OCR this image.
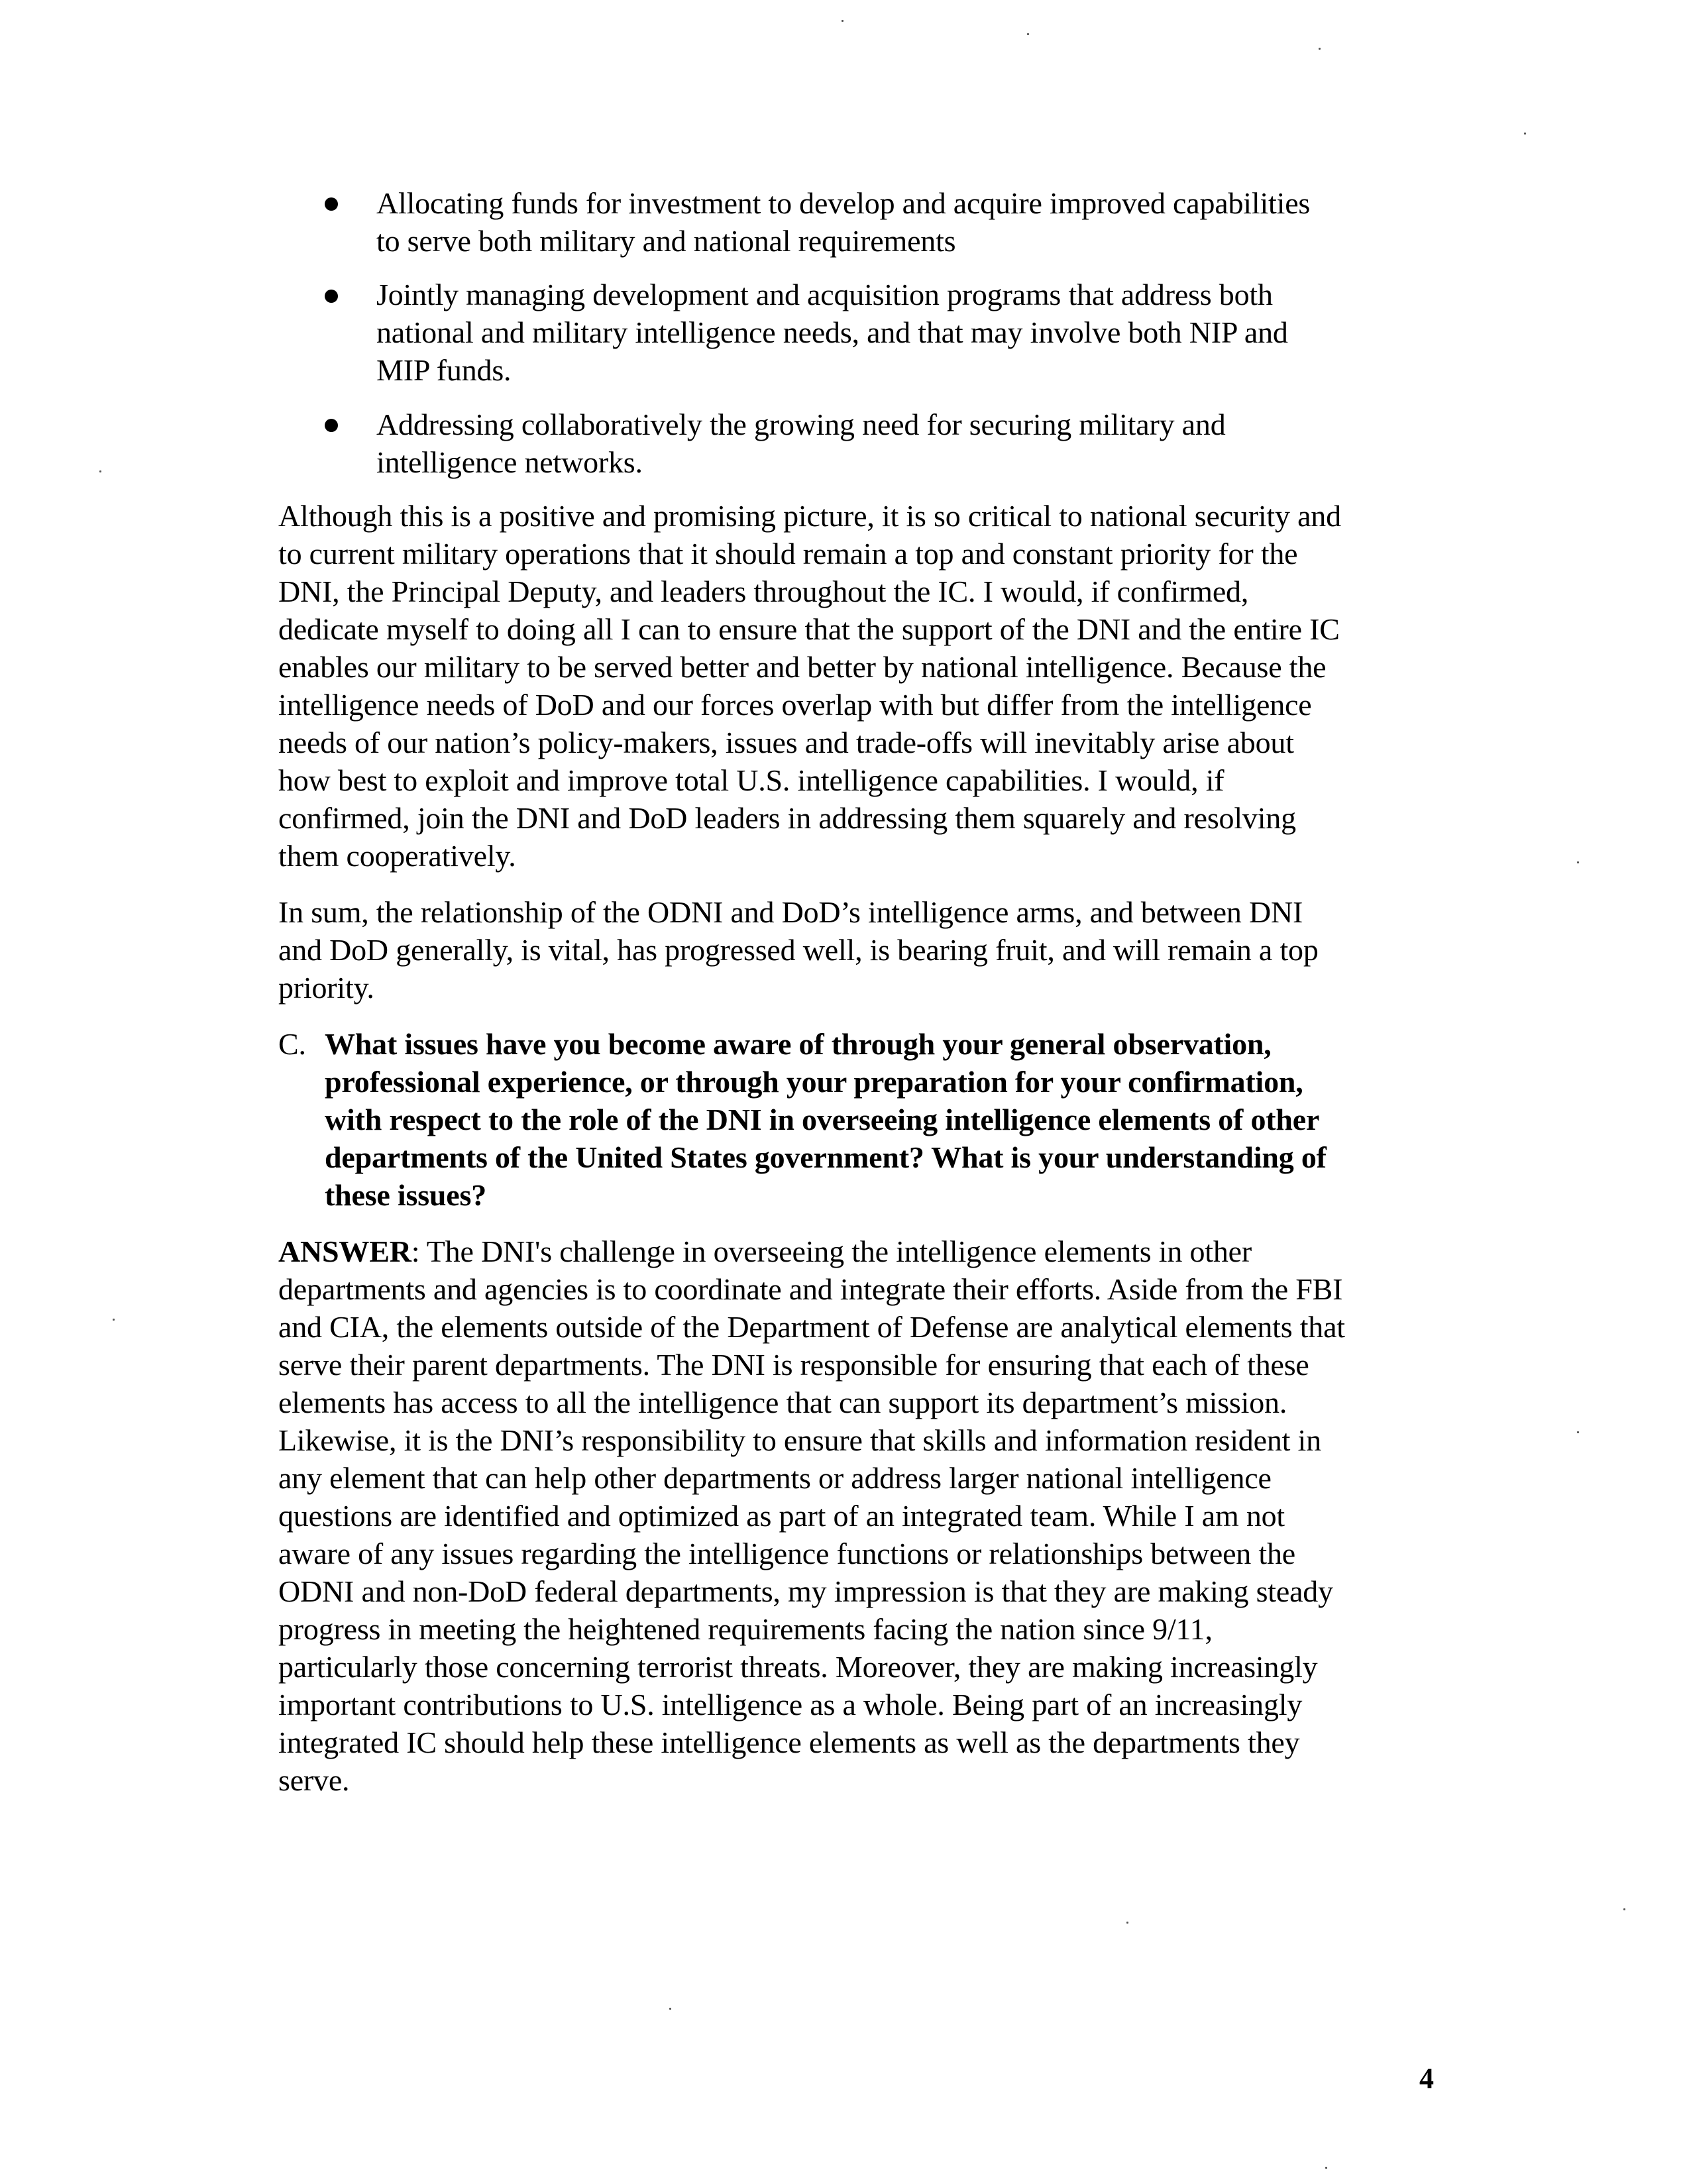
Allocating funds for investment to develop and acquire improved capabilities
to serve both military and national requirements
Jointly managing development and acquisition programs that address both
national and military intelligence needs, and that may involve both NIP and
MIP funds.
Addressing collaboratively the growing need for securing military and
intelligence networks.
Although this is a positive and promising picture, it is so critical to national security and
to current military operations that it should remain a top and constant priority for the
DNI, the Principal Deputy, and leaders throughout the IC. I would, if confirmed,
dedicate myself to doing all I can to ensure that the support of the DNI and the entire IC
enables our military to be served better and better by national intelligence. Because the
intelligence needs of DoD and our forces overlap with but differ from the intelligence
needs of our nation’s policy-makers, issues and trade-offs will inevitably arise about
how best to exploit and improve total U.S. intelligence capabilities. I would, if
confirmed, join the DNI and DoD leaders in addressing them squarely and resolving
them cooperatively.
In sum, the relationship of the ODNI and DoD’s intelligence arms, and between DNI
and DoD generally, is vital, has progressed well, is bearing fruit, and will remain a top
priority.
C. What issues have you become aware of through your general observation,
professional experience, or through your preparation for your confirmation,
with respect to the role of the DNI in overseeing intelligence elements of other
departments of the United States government? What is your understanding of
these issues?
ANSWER: The DNI's challenge in overseeing the intelligence elements in other
departments and agencies is to coordinate and integrate their efforts. Aside from the FBI
and CIA, the elements outside of the Department of Defense are analytical elements that
serve their parent departments. The DNI is responsible for ensuring that each of these
elements has access to all the intelligence that can support its department’s mission.
Likewise, it is the DNI’s responsibility to ensure that skills and information resident in
any element that can help other departments or address larger national intelligence
questions are identified and optimized as part of an integrated team. While I am not
aware of any issues regarding the intelligence functions or relationships between the
ODNI and non-DoD federal departments, my impression is that they are making steady
progress in meeting the heightened requirements facing the nation since 9/11,
particularly those concerning terrorist threats. Moreover, they are making increasingly
important contributions to U.S. intelligence as a whole. Being part of an increasingly
integrated IC should help these intelligence elements as well as the departments they
serve.
4
